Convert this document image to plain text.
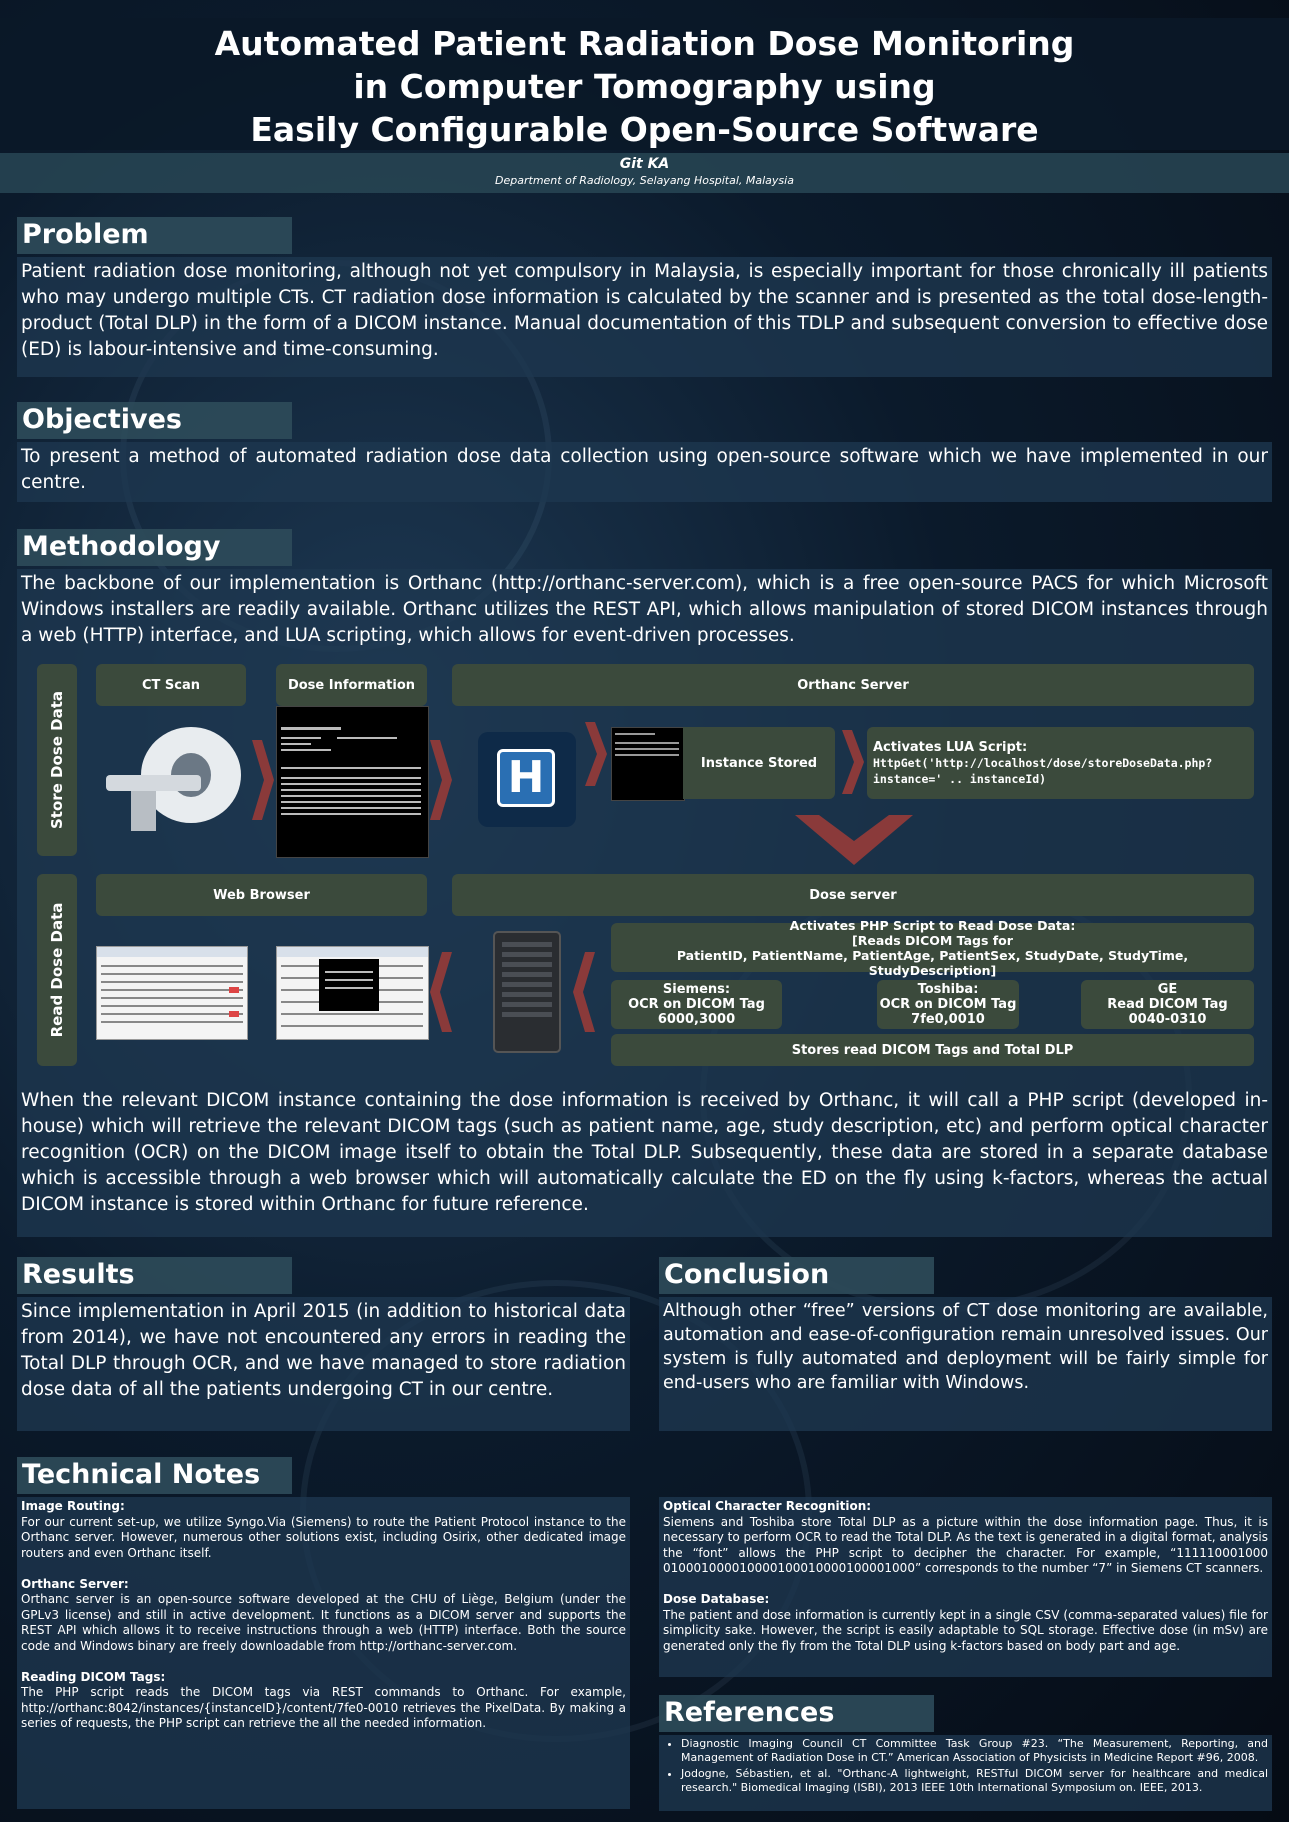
Automated Patient Radiation Dose Monitoring
in Computer Tomography using
Easily Configurable Open-Source Software
Git KA
Department of Radiology, Selayang Hospital, Malaysia
Problem
Patient radiation dose monitoring, although not yet compulsory in Malaysia, is especially important for those chronically ill patients who may undergo multiple CTs. CT radiation dose information is calculated by the scanner and is presented as the total dose-length-product (Total DLP) in the form of a DICOM instance. Manual documentation of this TDLP and subsequent conversion to effective dose (ED) is labour-intensive and time-consuming.
Objectives
To present a method of automated radiation dose data collection using open-source software which we have implemented in our centre.
Methodology
The backbone of our implementation is Orthanc (http://orthanc-server.com), which is a free open-source PACS for which Microsoft Windows installers are readily available. Orthanc utilizes the REST API, which allows manipulation of stored DICOM instances through a web (HTTP) interface, and LUA scripting, which allows for event-driven processes.
When the relevant DICOM instance containing the dose information is received by Orthanc, it will call a PHP script (developed in-house) which will retrieve the relevant DICOM tags (such as patient name, age, study description, etc) and perform optical character recognition (OCR) on the DICOM image itself to obtain the Total DLP. Subsequently, these data are stored in a separate database which is accessible through a web browser which will automatically calculate the ED on the fly using k-factors, whereas the actual DICOM instance is stored within Orthanc for future reference.
Store Dose Data
CT Scan	Dose Information	Orthanc Server
H	Instance Stored
Activates LUA Script:
HttpGet('http://localhost/dose/storeDoseData.php?instance=' .. instanceId)
Read Dose Data
Web Browser	Dose server
Activates PHP Script to Read Dose Data:
[Reads DICOM Tags for
PatientID, PatientName, PatientAge, PatientSex, StudyDate, StudyTime, StudyDescription]
Siemens:
OCR on DICOM Tag
6000,3000
Toshiba:
OCR on DICOM Tag
7fe0,0010
GE
Read DICOM Tag
0040-0310
Stores read DICOM Tags and Total DLP
Results
Since implementation in April 2015 (in addition to historical data from 2014), we have not encountered any errors in reading the Total DLP through OCR, and we have managed to store radiation dose data of all the patients undergoing CT in our centre.
Conclusion
Although other “free” versions of CT dose monitoring are available, automation and ease-of-configuration remain unresolved issues. Our system is fully automated and deployment will be fairly simple for end-users who are familiar with Windows.
Technical Notes
Image Routing:
For our current set-up, we utilize Syngo.Via (Siemens) to route the Patient Protocol instance to the Orthanc server. However, numerous other solutions exist, including Osirix, other dedicated image routers and even Orthanc itself.

Orthanc Server:
Orthanc server is an open-source software developed at the CHU of Liège, Belgium (under the GPLv3 license) and still in active development. It functions as a DICOM server and supports the REST API which allows it to receive instructions through a web (HTTP) interface. Both the source code and Windows binary are freely downloadable from http://orthanc-server.com.

Reading DICOM Tags:
The PHP script reads the DICOM tags via REST commands to Orthanc. For example, http://orthanc:8042/instances/{instanceID}/content/7fe0-0010 retrieves the PixelData. By making a series of requests, the PHP script can retrieve the all the needed information.
Optical Character Recognition:
Siemens and Toshiba store Total DLP as a picture within the dose information page. Thus, it is necessary to perform OCR to read the Total DLP. As the text is generated in a digital format, analysis the “font” allows the PHP script to decipher the character. For example, “111110001000 010001000010000100010000100001000” corresponds to the number “7” in Siemens CT scanners.

Dose Database:
The patient and dose information is currently kept in a single CSV (comma-separated values) file for simplicity sake. However, the script is easily adaptable to SQL storage. Effective dose (in mSv) are generated only the fly from the Total DLP using k-factors based on body part and age.
References
• Diagnostic Imaging Council CT Committee Task Group #23. “The Measurement, Reporting, and Management of Radiation Dose in CT.” American Association of Physicists in Medicine Report #96, 2008.
• Jodogne, Sébastien, et al. "Orthanc-A lightweight, RESTful DICOM server for healthcare and medical research." Biomedical Imaging (ISBI), 2013 IEEE 10th International Symposium on. IEEE, 2013.
